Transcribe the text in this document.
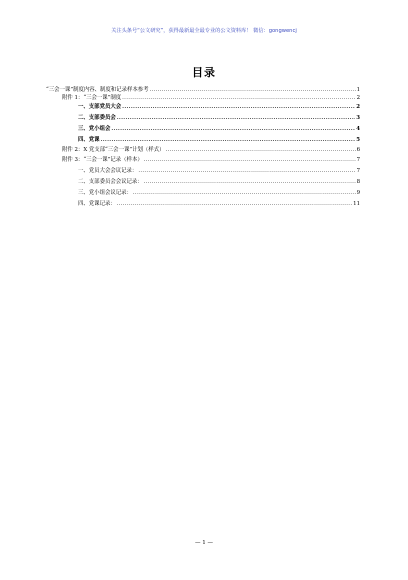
关注头条号“公文研究”，获得最新最全最专业的公文资料库！ 微信：gongwencj
目录
“三会一课”制度内容、制度和记录样本参考 .....	1
附件 1：“三会一课”制度 .....	2
一、支部党员大会 .....	2
二、支部委员会 .....	3
三、党小组会 .....	4
四、党课 .....	5
附件 2：X 党支部“三会一课”计划（样式） .....	6
附件 3：“三会一课”记录（样本） .....	7
一、党员大会会议记录： .....	7
二、支部委员会会议记录： .....	8
三、党小组会议记录： .....	9
四、党课记录： .....	11
— 1 —
